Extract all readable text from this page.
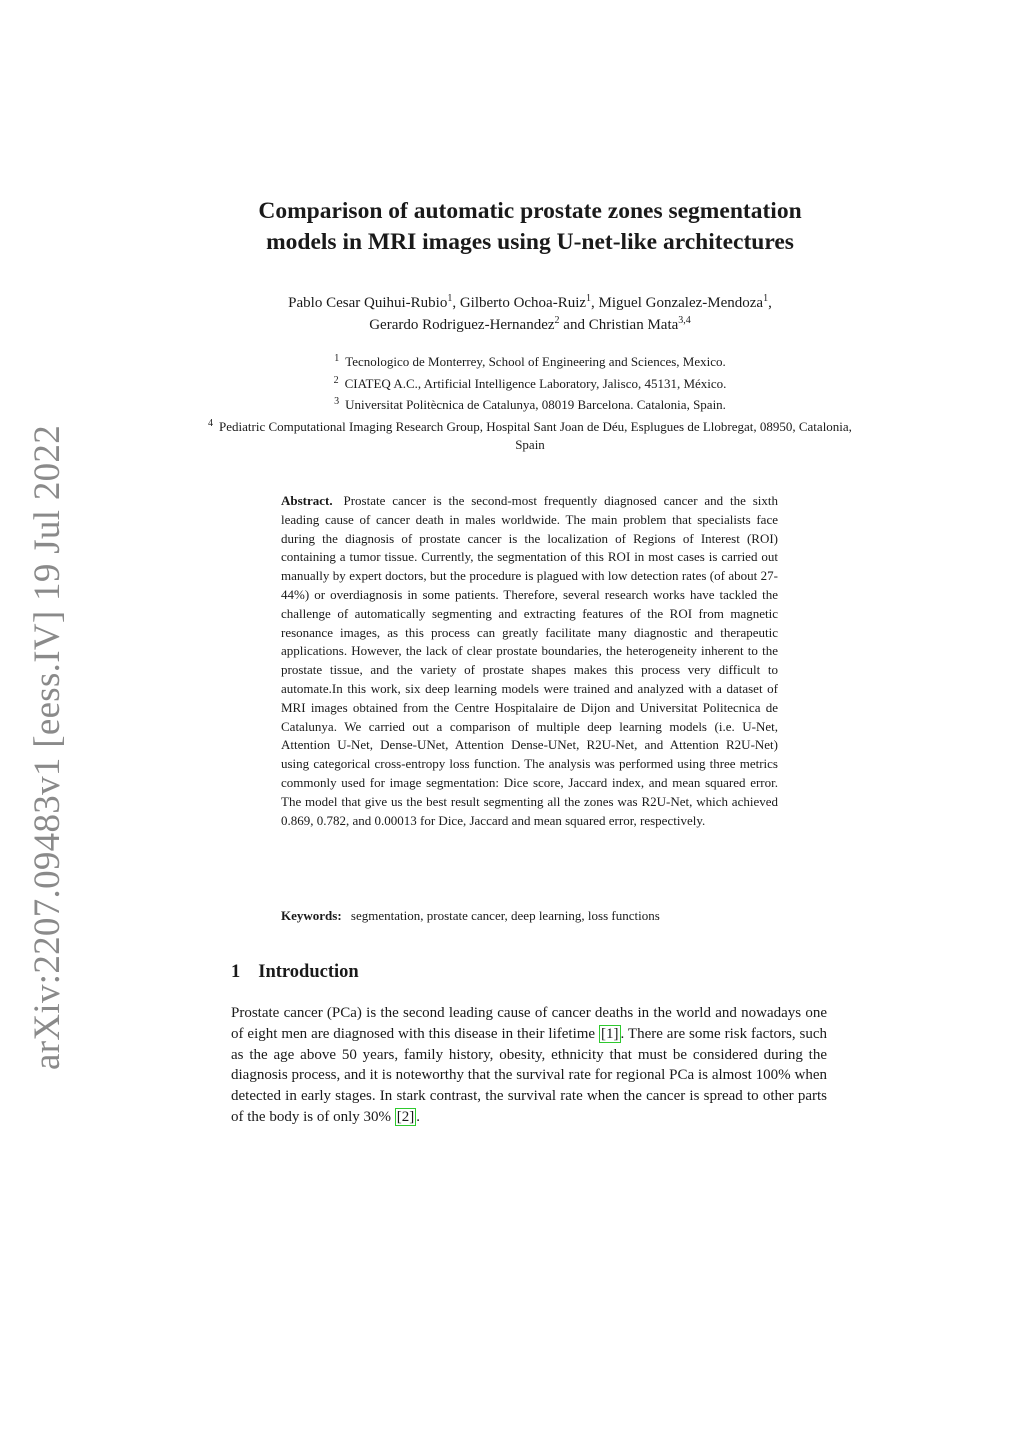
arXiv:2207.09483v1 [eess.IV] 19 Jul 2022
Comparison of automatic prostate zones segmentation
models in MRI images using U-net-like architectures
Pablo Cesar Quihui-Rubio$^1$, Gilberto Ochoa-Ruiz$^1$, Miguel Gonzalez-Mendoza$^1$,
Gerardo Rodriguez-Hernandez$^2$ and Christian Mata$^{3,4}$
$^1$ Tecnologico de Monterrey, School of Engineering and Sciences, Mexico.
$^2$ CIATEQ A.C., Artificial Intelligence Laboratory, Jalisco, 45131, México.
$^3$ Universitat Politècnica de Catalunya, 08019 Barcelona. Catalonia, Spain.
$^4$ Pediatric Computational Imaging Research Group, Hospital Sant Joan de Déu, Esplugues de Llobregat, 08950, Catalonia, Spain
Abstract. Prostate cancer is the second-most frequently diagnosed cancer and the sixth leading cause of cancer death in males worldwide. The main problem that specialists face during the diagnosis of prostate cancer is the localization of Regions of Interest (ROI) containing a tumor tissue. Currently, the segmentation of this ROI in most cases is carried out manually by expert doctors, but the procedure is plagued with low detection rates (of about 27-44%) or overdiagnosis in some patients. Therefore, several research works have tackled the challenge of automatically segmenting and extracting features of the ROI from magnetic resonance images, as this process can greatly facilitate many diagnostic and therapeutic applications. However, the lack of clear prostate boundaries, the heterogeneity inherent to the prostate tissue, and the variety of prostate shapes makes this process very difficult to automate.In this work, six deep learning models were trained and analyzed with a dataset of MRI images obtained from the Centre Hospitalaire de Dijon and Universitat Politecnica de Catalunya. We carried out a comparison of multiple deep learning models (i.e. U-Net, Attention U-Net, Dense-UNet, Attention Dense-UNet, R2U-Net, and Attention R2U-Net) using categorical cross-entropy loss function. The analysis was performed using three metrics commonly used for image segmentation: Dice score, Jaccard index, and mean squared error. The model that give us the best result segmenting all the zones was R2U-Net, which achieved 0.869, 0.782, and 0.00013 for Dice, Jaccard and mean squared error, respectively.
Keywords: segmentation, prostate cancer, deep learning, loss functions
1 Introduction
Prostate cancer (PCa) is the second leading cause of cancer deaths in the world and nowadays one of eight men are diagnosed with this disease in their lifetime [1] . There are some risk factors, such as the age above 50 years, family history, obesity, ethnicity that must be considered during the diagnosis process, and it is noteworthy that the survival rate for regional PCa is almost 100% when detected in early stages. In stark contrast, the survival rate when the cancer is spread to other parts of the body is of only 30% [2] .
